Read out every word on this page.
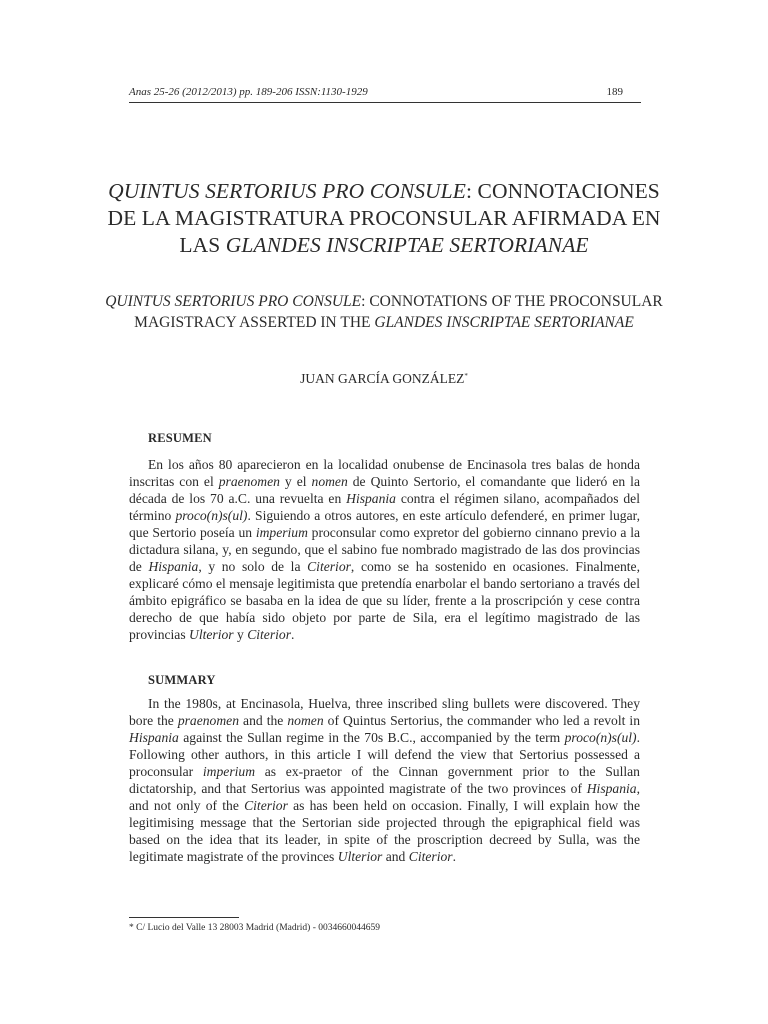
Anas 25-26 (2012/2013) pp. 189-206 ISSN:1130-1929	189
QUINTUS SERTORIUS PRO CONSULE: CONNOTACIONES DE LA MAGISTRATURA PROCONSULAR AFIRMADA EN LAS GLANDES INSCRIPTAE SERTORIANAE
QUINTUS SERTORIUS PRO CONSULE: CONNOTATIONS OF THE PROCONSULAR MAGISTRACY ASSERTED IN THE GLANDES INSCRIPTAE SERTORIANAE
JUAN GARCÍA GONZÁLEZ*
RESUMEN

En los años 80 aparecieron en la localidad onubense de Encinasola tres balas de honda inscritas con el praenomen y el nomen de Quinto Sertorio, el comandante que lideró en la década de los 70 a.C. una revuelta en Hispania contra el régimen silano, acompañados del término proco(n)s(ul). Siguiendo a otros autores, en este artículo defenderé, en primer lugar, que Sertorio poseía un imperium proconsular como expretor del gobierno cinnano previo a la dictadura silana, y, en segundo, que el sabino fue nombrado magistrado de las dos provincias de Hispania, y no solo de la Citerior, como se ha sostenido en ocasiones. Finalmente, explicaré cómo el mensaje legitimista que pretendía enarbolar el bando sertoriano a través del ámbito epigráfico se basaba en la idea de que su líder, frente a la proscripción y cese contra derecho de que había sido objeto por parte de Sila, era el legítimo magistrado de las provincias Ulterior y Citerior.

SUMMARY

In the 1980s, at Encinasola, Huelva, three inscribed sling bullets were discovered. They bore the praenomen and the nomen of Quintus Sertorius, the commander who led a revolt in Hispania against the Sullan regime in the 70s B.C., accompanied by the term proco(n)s(ul). Following other authors, in this article I will defend the view that Sertorius possessed a proconsular imperium as ex-praetor of the Cinnan government prior to the Sullan dictatorship, and that Sertorius was appointed magistrate of the two provinces of Hispania, and not only of the Citerior as has been held on occasion. Finally, I will explain how the legitimising message that the Sertorian side projected through the epigraphical field was based on the idea that its leader, in spite of the proscription decreed by Sulla, was the legitimate magistrate of the provinces Ulterior and Citerior.

* C/ Lucio del Valle 13 28003 Madrid (Madrid) - 0034660044659
